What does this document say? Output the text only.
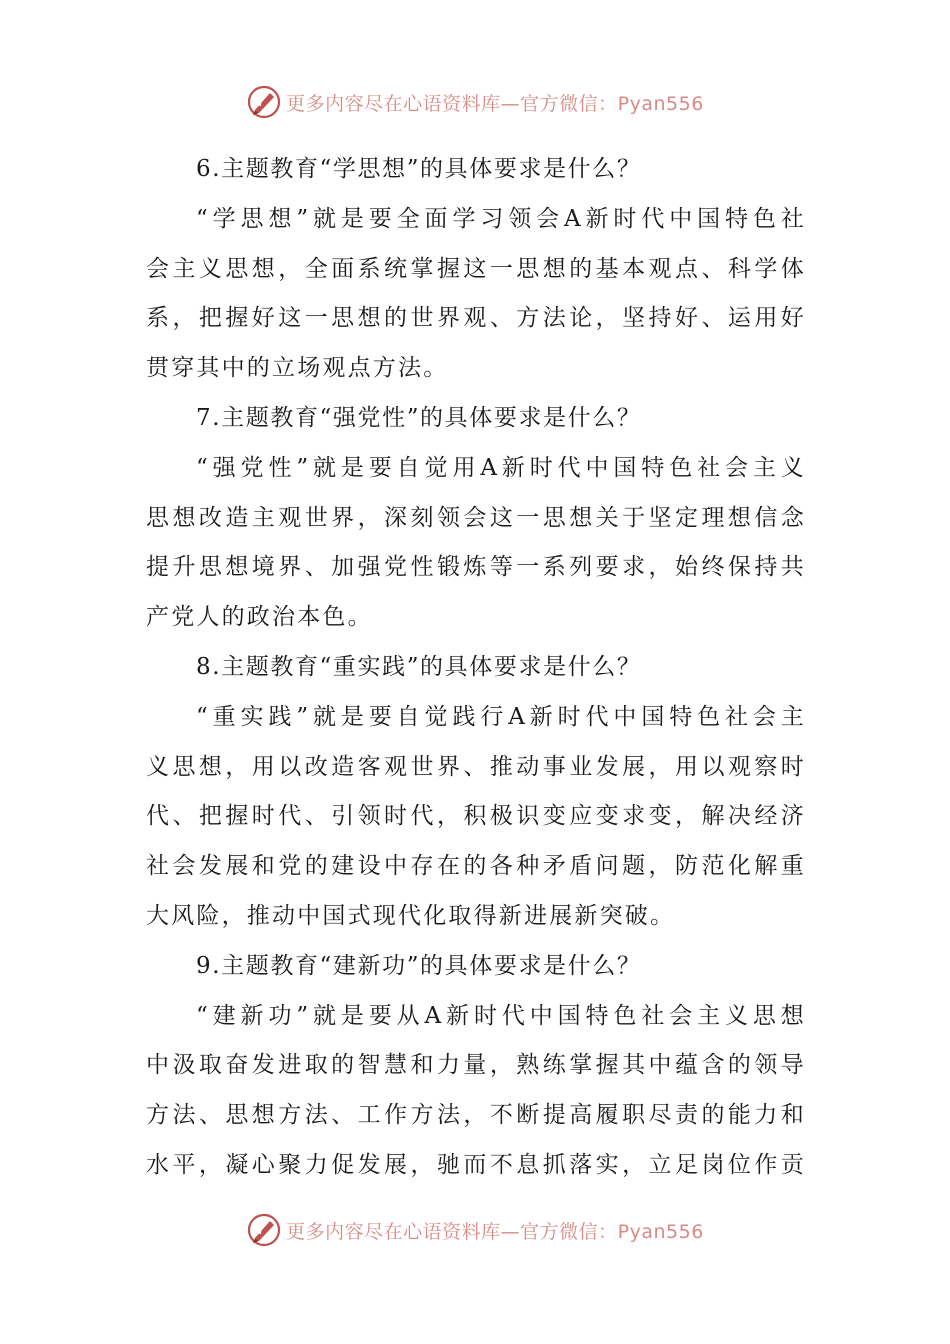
更多内容尽在心语资料库—官方微信：Pyan556
6.主题教育“学思想”的具体要求是什么？
“学思想”就是要全面学习领会A新时代中国特色社
会主义思想，全面系统掌握这一思想的基本观点、科学体
系，把握好这一思想的世界观、方法论，坚持好、运用好
贯穿其中的立场观点方法。
7.主题教育“强党性”的具体要求是什么？
“强党性”就是要自觉用A新时代中国特色社会主义
思想改造主观世界，深刻领会这一思想关于坚定理想信念
提升思想境界、加强党性锻炼等一系列要求，始终保持共
产党人的政治本色。
8.主题教育“重实践”的具体要求是什么？
“重实践”就是要自觉践行A新时代中国特色社会主
义思想，用以改造客观世界、推动事业发展，用以观察时
代、把握时代、引领时代，积极识变应变求变，解决经济
社会发展和党的建设中存在的各种矛盾问题，防范化解重
大风险，推动中国式现代化取得新进展新突破。
9.主题教育“建新功”的具体要求是什么？
“建新功”就是要从A新时代中国特色社会主义思想
中汲取奋发进取的智慧和力量，熟练掌握其中蕴含的领导
方法、思想方法、工作方法，不断提高履职尽责的能力和
水平，凝心聚力促发展，驰而不息抓落实，立足岗位作贡
更多内容尽在心语资料库—官方微信：Pyan556
